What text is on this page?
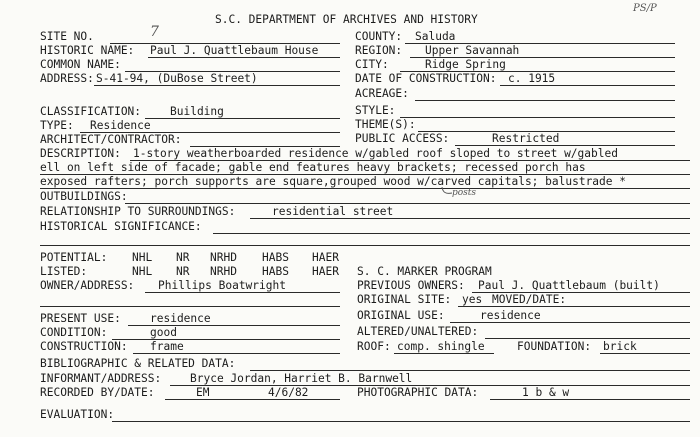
S.C. DEPARTMENT OF ARCHIVES AND HISTORY
PS/P
SITE NO.	7	COUNTY: Saluda
HISTORIC NAME: Paul J. Quattlebaum House	REGION: Upper Savannah
COMMON NAME:	CITY:	Ridge Spring
ADDRESS: S-41-94, (DuBose Street)	DATE OF CONSTRUCTION: c. 1915
ACREAGE:
CLASSIFICATION:	Building	STYLE:
TYPE: Residence	THEME(S):
ARCHITECT/CONTRACTOR:	PUBLIC ACCESS:	Restricted
DESCRIPTION: 1-story weatherboarded residence w/gabled roof sloped to street w/gabled
ell on left side of facade; gable end features heavy brackets; recessed porch has
exposed rafters; porch supports are square,grouped wood w/carved capitals; balustrade *
posts
OUTBUILDINGS:
RELATIONSHIP TO SURROUNDINGS:	residential street
HISTORICAL SIGNIFICANCE:
POTENTIAL: NHL NR NRHD HABS HAER
LISTED:	NHL NR NRHD HABS HAER S. C. MARKER PROGRAM
OWNER/ADDRESS: Phillips Boatwright	PREVIOUS OWNERS: Paul J. Quattlebaum (built)
ORIGINAL SITE: yes MOVED/DATE:
PRESENT USE:	residence	ORIGINAL USE:	residence
CONDITION:	good	ALTERED/UNALTERED:
CONSTRUCTION: frame	ROOF: comp. shingle	FOUNDATION: brick
BIBLIOGRAPHIC & RELATED DATA:
INFORMANT/ADDRESS:	Bryce Jordan, Harriet B. Barnwell
RECORDED BY/DATE:	EM	4/6/82	PHOTOGRAPHIC DATA:	1 b & w
EVALUATION:
